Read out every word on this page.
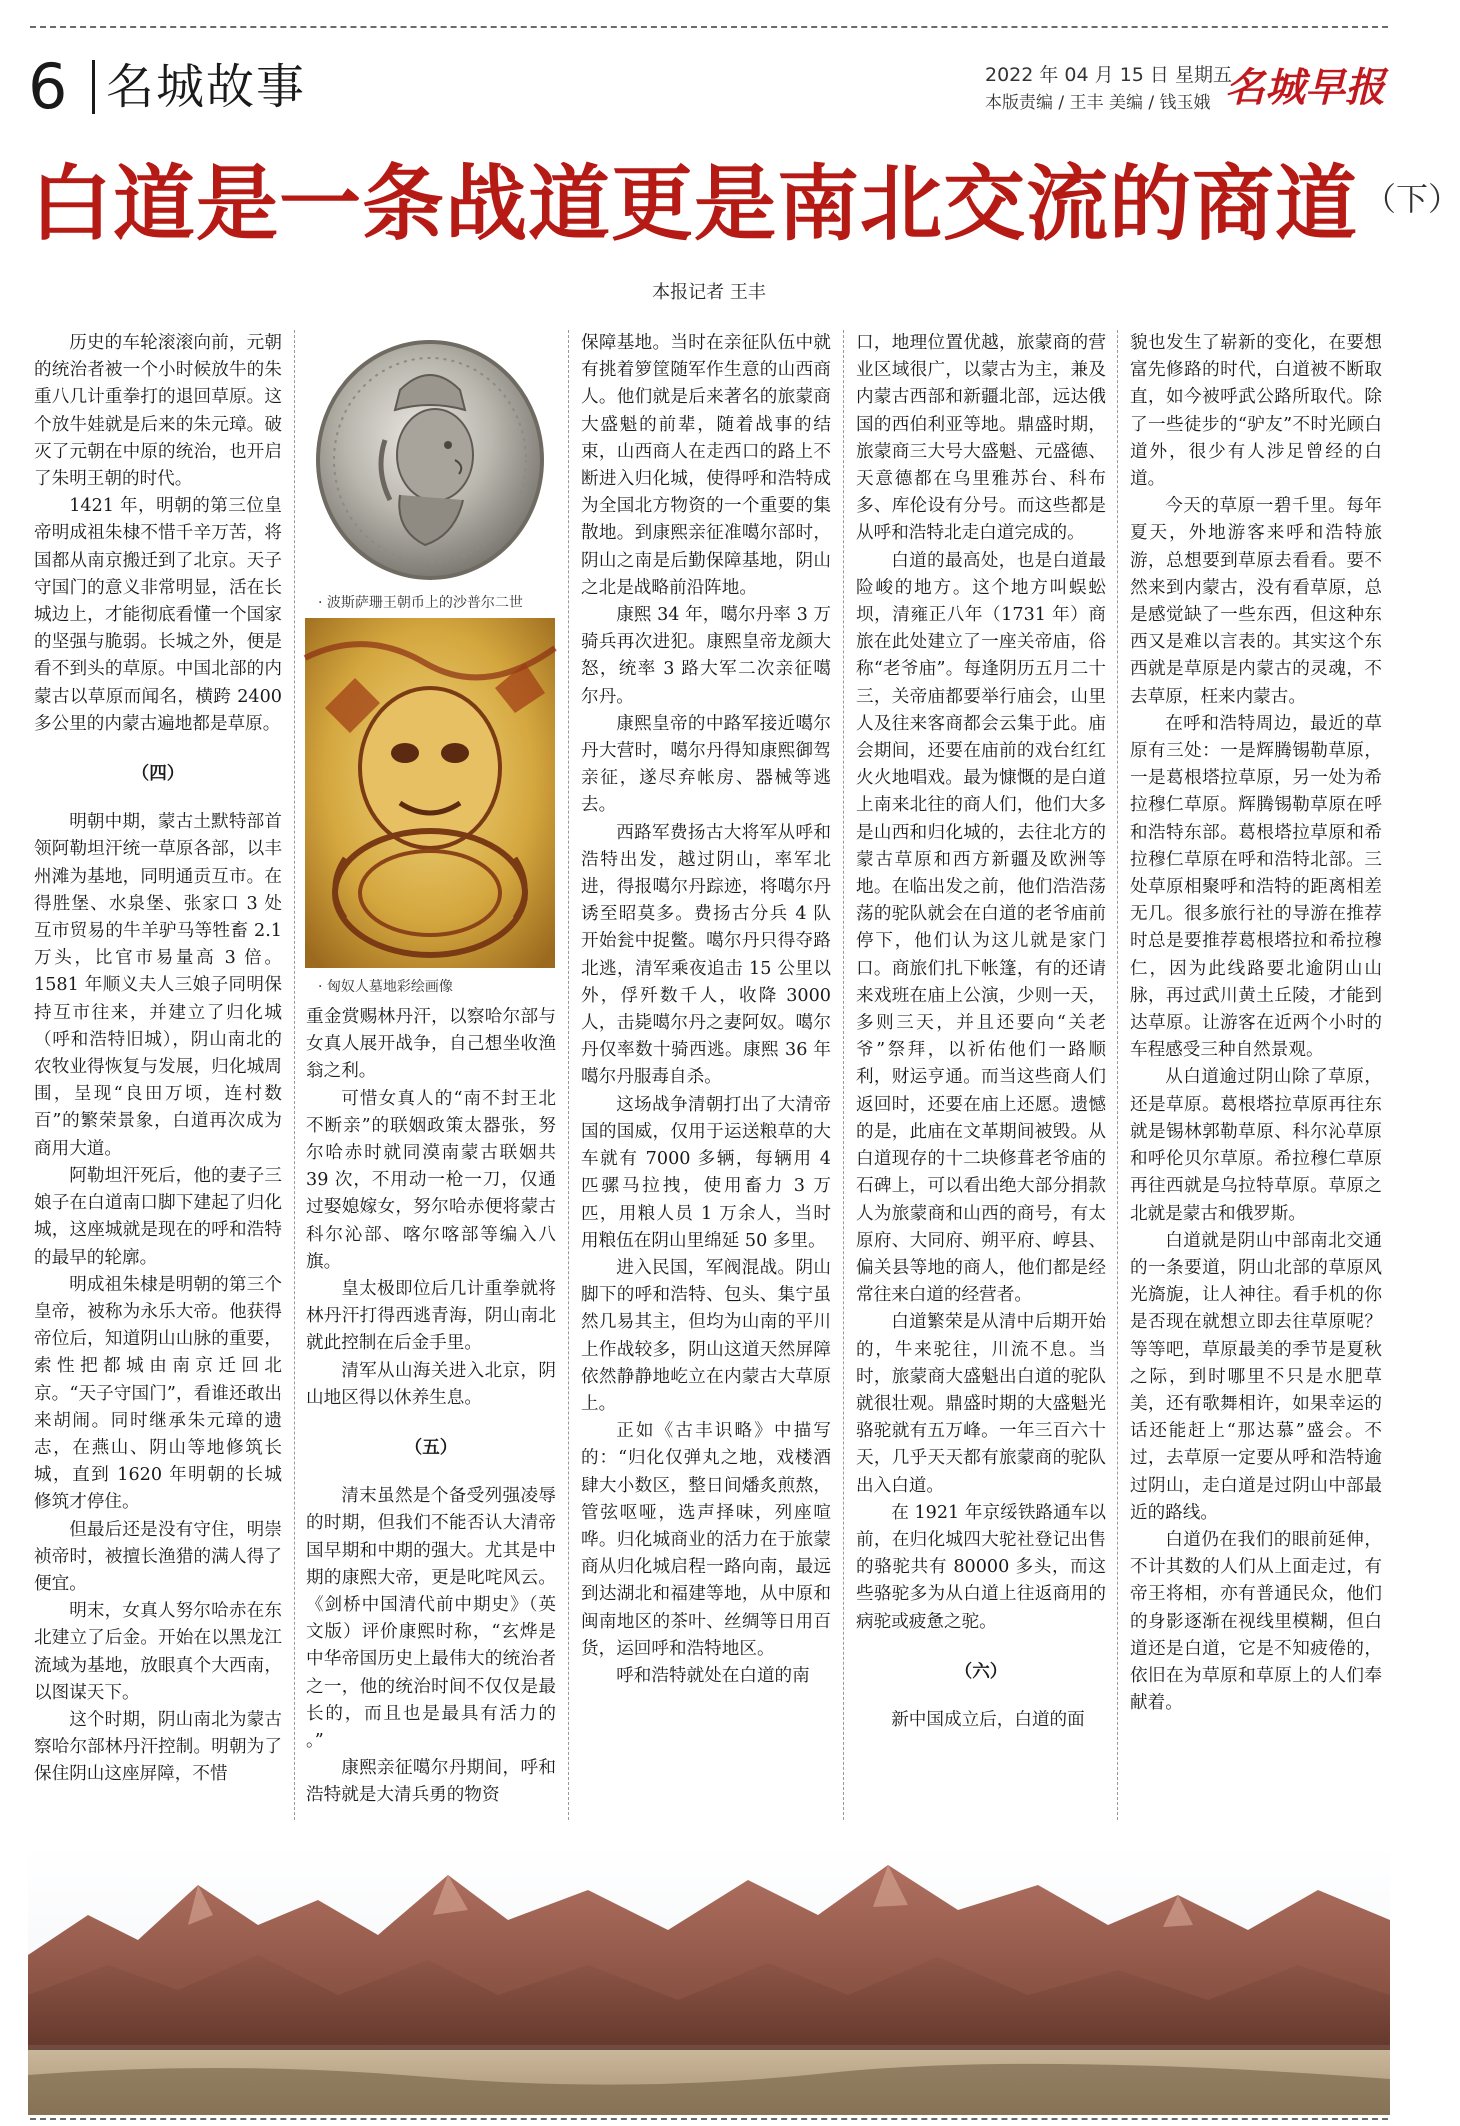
6 名城故事	2022 年 04 月 15 日 星期五
本版责编 / 王丰 美编 / 钱玉娥 名城早报
白道是一条战道更是南北交流的商道 （下）
本报记者 王丰

历史的车轮滚滚向前，元朝的统治者被一个小时候放牛的朱重八几计重拳打的退回草原。这个放牛娃就是后来的朱元璋。破灭了元朝在中原的统治，也开启了朱明王朝的时代。

1421 年，明朝的第三位皇帝明成祖朱棣不惜千辛万苦，将国都从南京搬迁到了北京。天子守国门的意义非常明显，活在长城边上，才能彻底看懂一个国家的坚强与脆弱。长城之外，便是看不到头的草原。中国北部的内蒙古以草原而闻名，横跨 2400 多公里的内蒙古遍地都是草原。

（四）

明朝中期，蒙古土默特部首领阿勒坦汗统一草原各部，以丰州滩为基地，同明通贡互市。在得胜堡、水泉堡、张家口 3 处互市贸易的牛羊驴马等牲畜 2.1 万头，比官市易量高 3 倍。1581 年顺义夫人三娘子同明保持互市往来，并建立了归化城（呼和浩特旧城），阴山南北的农牧业得恢复与发展，归化城周围，呈现“良田万顷，连村数百”的繁荣景象，白道再次成为商用大道。

阿勒坦汗死后，他的妻子三娘子在白道南口脚下建起了归化城，这座城就是现在的呼和浩特的最早的轮廓。

明成祖朱棣是明朝的第三个皇帝，被称为永乐大帝。他获得帝位后，知道阴山山脉的重要，索性把都城由南京迁回北京。“天子守国门”，看谁还敢出来胡闹。同时继承朱元璋的遗志，在燕山、阴山等地修筑长城，直到 1620 年明朝的长城修筑才停住。

但最后还是没有守住，明崇祯帝时，被擅长渔猎的满人得了便宜。

明末，女真人努尔哈赤在东北建立了后金。开始在以黑龙江流域为基地，放眼真个大西南，以图谋天下。

这个时期，阴山南北为蒙古察哈尔部林丹汗控制。明朝为了保住阴山这座屏障，不惜

· 波斯萨珊王朝币上的沙普尔二世
· 匈奴人墓地彩绘画像

重金赏赐林丹汗，以察哈尔部与女真人展开战争，自己想坐收渔翁之利。

可惜女真人的“南不封王北不断亲”的联姻政策太器张，努尔哈赤时就同漠南蒙古联姻共 39 次，不用动一枪一刀，仅通过娶媳嫁女，努尔哈赤便将蒙古科尔沁部、喀尔喀部等编入八旗。

皇太极即位后几计重拳就将林丹汗打得西逃青海，阴山南北就此控制在后金手里。

清军从山海关进入北京，阴山地区得以休养生息。

（五）

清末虽然是个备受列强凌辱的时期，但我们不能否认大清帝国早期和中期的强大。尤其是中期的康熙大帝，更是叱咤风云。《剑桥中国清代前中期史》（英文版）评价康熙时称，“玄烨是中华帝国历史上最伟大的统治者之一，他的统治时间不仅仅是最长的，而且也是最具有活力的 。”

康熙亲征噶尔丹期间，呼和浩特就是大清兵勇的物资

保障基地。当时在亲征队伍中就有挑着箩筐随军作生意的山西商人。他们就是后来著名的旅蒙商大盛魁的前辈，随着战事的结束，山西商人在走西口的路上不断进入归化城，使得呼和浩特成为全国北方物资的一个重要的集散地。到康熙亲征准噶尔部时，阴山之南是后勤保障基地，阴山之北是战略前沿阵地。

康熙 34 年，噶尔丹率 3 万骑兵再次进犯。康熙皇帝龙颜大怒，统率 3 路大军二次亲征噶尔丹。

康熙皇帝的中路军接近噶尔丹大营时，噶尔丹得知康熙御驾亲征，遂尽弃帐房、器械等逃去。

西路军费扬古大将军从呼和浩特出发，越过阴山，率军北进，得报噶尔丹踪迹，将噶尔丹诱至昭莫多。费扬古分兵 4 队开始瓮中捉鳖。噶尔丹只得夺路北逃，清军乘夜追击 15 公里以外，俘歼数千人，收降 3000 人，击毙噶尔丹之妻阿奴。噶尔丹仅率数十骑西逃。康熙 36 年噶尔丹服毒自杀。

这场战争清朝打出了大清帝国的国威，仅用于运送粮草的大车就有 7000 多辆，每辆用 4 匹骡马拉拽，使用畜力 3 万匹，用粮人员 1 万余人，当时用粮伍在阴山里绵延 50 多里。

进入民国，军阀混战。阴山脚下的呼和浩特、包头、集宁虽然几易其主，但均为山南的平川上作战较多，阴山这道天然屏障依然静静地屹立在内蒙古大草原上。

正如《古丰识略》中描写的：“归化仅弹丸之地，戏楼酒肆大小数区，整日间燔炙煎熬，管弦呕哑，选声择味，列座喧哗。归化城商业的活力在于旅蒙商从归化城启程一路向南，最远到达湖北和福建等地，从中原和闽南地区的茶叶、丝绸等日用百货，运回呼和浩特地区。

呼和浩特就处在白道的南

口，地理位置优越，旅蒙商的营业区域很广，以蒙古为主，兼及内蒙古西部和新疆北部，远达俄国的西伯利亚等地。鼎盛时期，旅蒙商三大号大盛魁、元盛德、天意德都在乌里雅苏台、科布多、库伦设有分号。而这些都是从呼和浩特北走白道完成的。

白道的最高处，也是白道最险峻的地方。这个地方叫蜈蚣坝，清雍正八年（1731 年）商旅在此处建立了一座关帝庙，俗称“老爷庙”。每逢阴历五月二十三，关帝庙都要举行庙会，山里人及往来客商都会云集于此。庙会期间，还要在庙前的戏台红红火火地唱戏。最为慷慨的是白道上南来北往的商人们，他们大多是山西和归化城的，去往北方的蒙古草原和西方新疆及欧洲等地。在临出发之前，他们浩浩荡荡的驼队就会在白道的老爷庙前停下，他们认为这儿就是家门口。商旅们扎下帐篷，有的还请来戏班在庙上公演，少则一天，多则三天，并且还要向“关老爷”祭拜，以祈佑他们一路顺利，财运亨通。而当这些商人们返回时，还要在庙上还愿。遗憾的是，此庙在文革期间被毁。从白道现存的十二块修葺老爷庙的石碑上，可以看出绝大部分捐款人为旅蒙商和山西的商号，有太原府、大同府、朔平府、崞县、偏关县等地的商人，他们都是经常往来白道的经营者。

白道繁荣是从清中后期开始的，牛来驼往，川流不息。当时，旅蒙商大盛魁出白道的驼队就很壮观。鼎盛时期的大盛魁光骆驼就有五万峰。一年三百六十天，几乎天天都有旅蒙商的驼队出入白道。

在 1921 年京绥铁路通车以前，在归化城四大驼社登记出售的骆驼共有 80000 多头，而这些骆驼多为从白道上往返商用的病驼或疲惫之驼。

（六）

新中国成立后，白道的面

貌也发生了崭新的变化，在要想富先修路的时代，白道被不断取直，如今被呼武公路所取代。除了一些徒步的“驴友”不时光顾白道外，很少有人涉足曾经的白道。

今天的草原一碧千里。每年夏天，外地游客来呼和浩特旅游，总想要到草原去看看。要不然来到内蒙古，没有看草原，总是感觉缺了一些东西，但这种东西又是难以言表的。其实这个东西就是草原是内蒙古的灵魂，不去草原，枉来内蒙古。

在呼和浩特周边，最近的草原有三处：一是辉腾锡勒草原，一是葛根塔拉草原，另一处为希拉穆仁草原。辉腾锡勒草原在呼和浩特东部。葛根塔拉草原和希拉穆仁草原在呼和浩特北部。三处草原相聚呼和浩特的距离相差无几。很多旅行社的导游在推荐时总是要推荐葛根塔拉和希拉穆仁，因为此线路要北逾阴山山脉，再过武川黄土丘陵，才能到达草原。让游客在近两个小时的车程感受三种自然景观。

从白道逾过阴山除了草原，还是草原。葛根塔拉草原再往东就是锡林郭勒草原、科尔沁草原和呼伦贝尔草原。希拉穆仁草原再往西就是乌拉特草原。草原之北就是蒙古和俄罗斯。

白道就是阴山中部南北交通的一条要道，阴山北部的草原风光旖旎，让人神往。看手机的你是否现在就想立即去往草原呢？等等吧，草原最美的季节是夏秋之际，到时哪里不只是水肥草美，还有歌舞相许，如果幸运的话还能赶上“那达慕”盛会。不过，去草原一定要从呼和浩特逾过阴山，走白道是过阴山中部最近的路线。

白道仍在我们的眼前延伸，不计其数的人们从上面走过，有帝王将相，亦有普通民众，他们的身影逐渐在视线里模糊，但白道还是白道，它是不知疲倦的，依旧在为草原和草原上的人们奉献着。
